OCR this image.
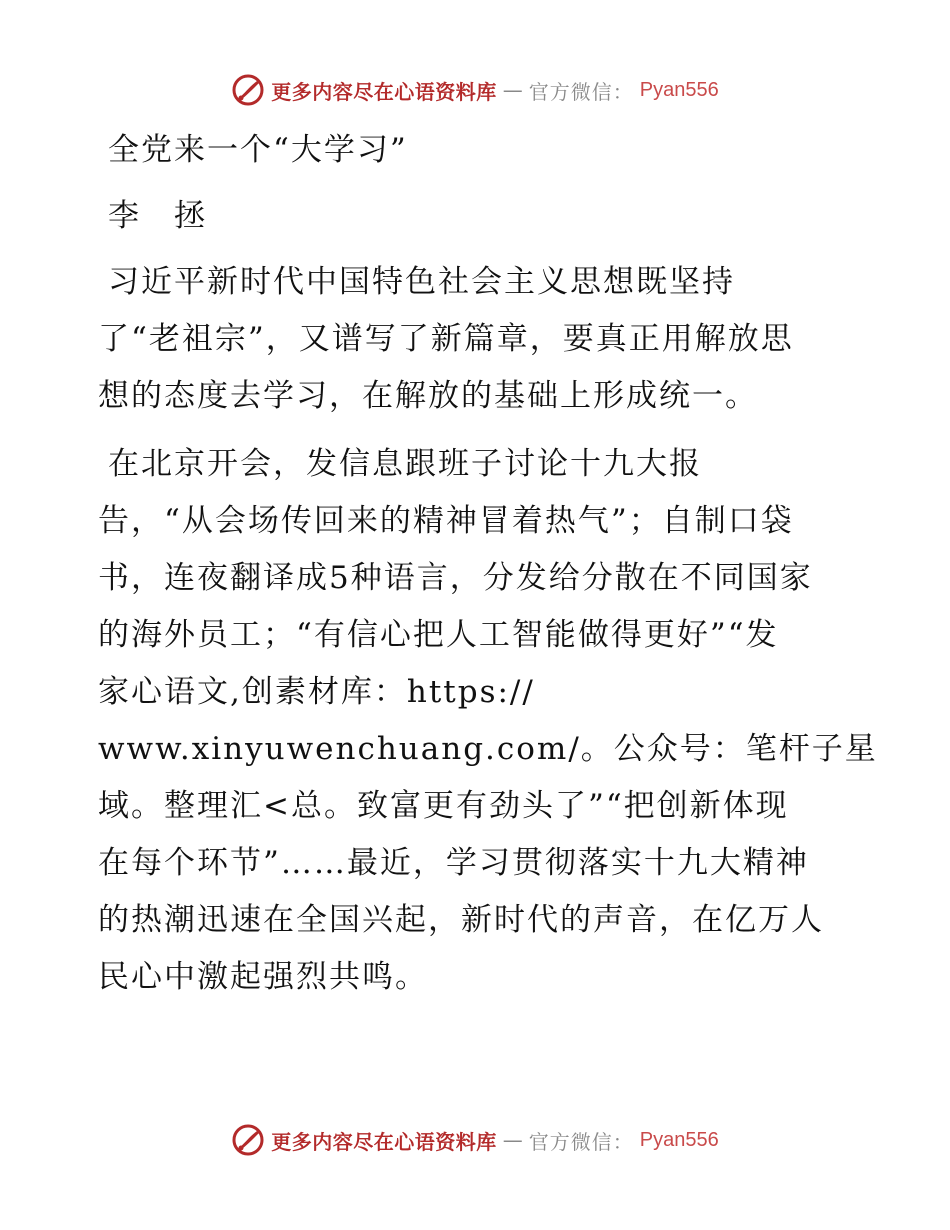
更多内容尽在心语资料库 — 官方微信： Pyan556
全党来一个“大学习”
李　拯
习近平新时代中国特色社会主义思想既坚持
了“老祖宗”，又谱写了新篇章，要真正用解放思
想的态度去学习，在解放的基础上形成统一。
在北京开会，发信息跟班子讨论十九大报
告，“从会场传回来的精神冒着热气”；自制口袋
书，连夜翻译成5种语言，分发给分散在不同国家
的海外员工；“有信心把人工智能做得更好”“发
家心语文,创素材库：https://
www.xinyuwenchuang.com/。公众号：笔杆子星
域。整理汇<总。致富更有劲头了”“把创新体现
在每个环节”……最近，学习贯彻落实十九大精神
的热潮迅速在全国兴起，新时代的声音，在亿万人
民心中激起强烈共鸣。
更多内容尽在心语资料库 — 官方微信： Pyan556
